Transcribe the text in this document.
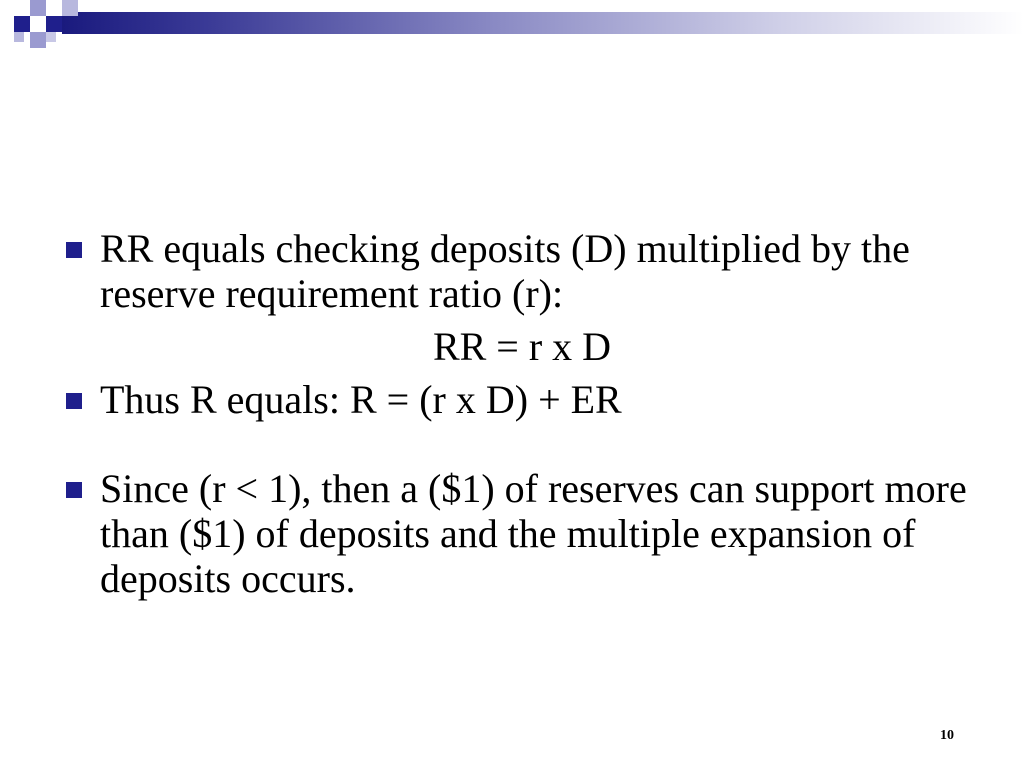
RR equals checking deposits (D) multiplied by the reserve requirement ratio (r):
RR = r x D
Thus R equals: R = (r x D) + ER
Since (r < 1), then a ($1) of reserves can support more than ($1) of deposits and the multiple expansion of deposits occurs.
10
